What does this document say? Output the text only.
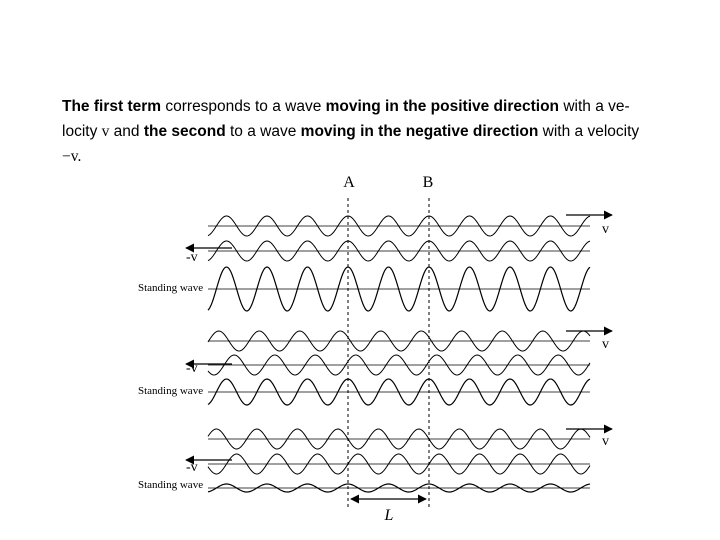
The first term corresponds to a wave moving in the positive direction with a ve-locity v and the second to a wave moving in the negative direction with a velocity
−v.

A	B
v
-v
Standing wave
v
-v
Standing wave
v
-v
Standing wave
L
